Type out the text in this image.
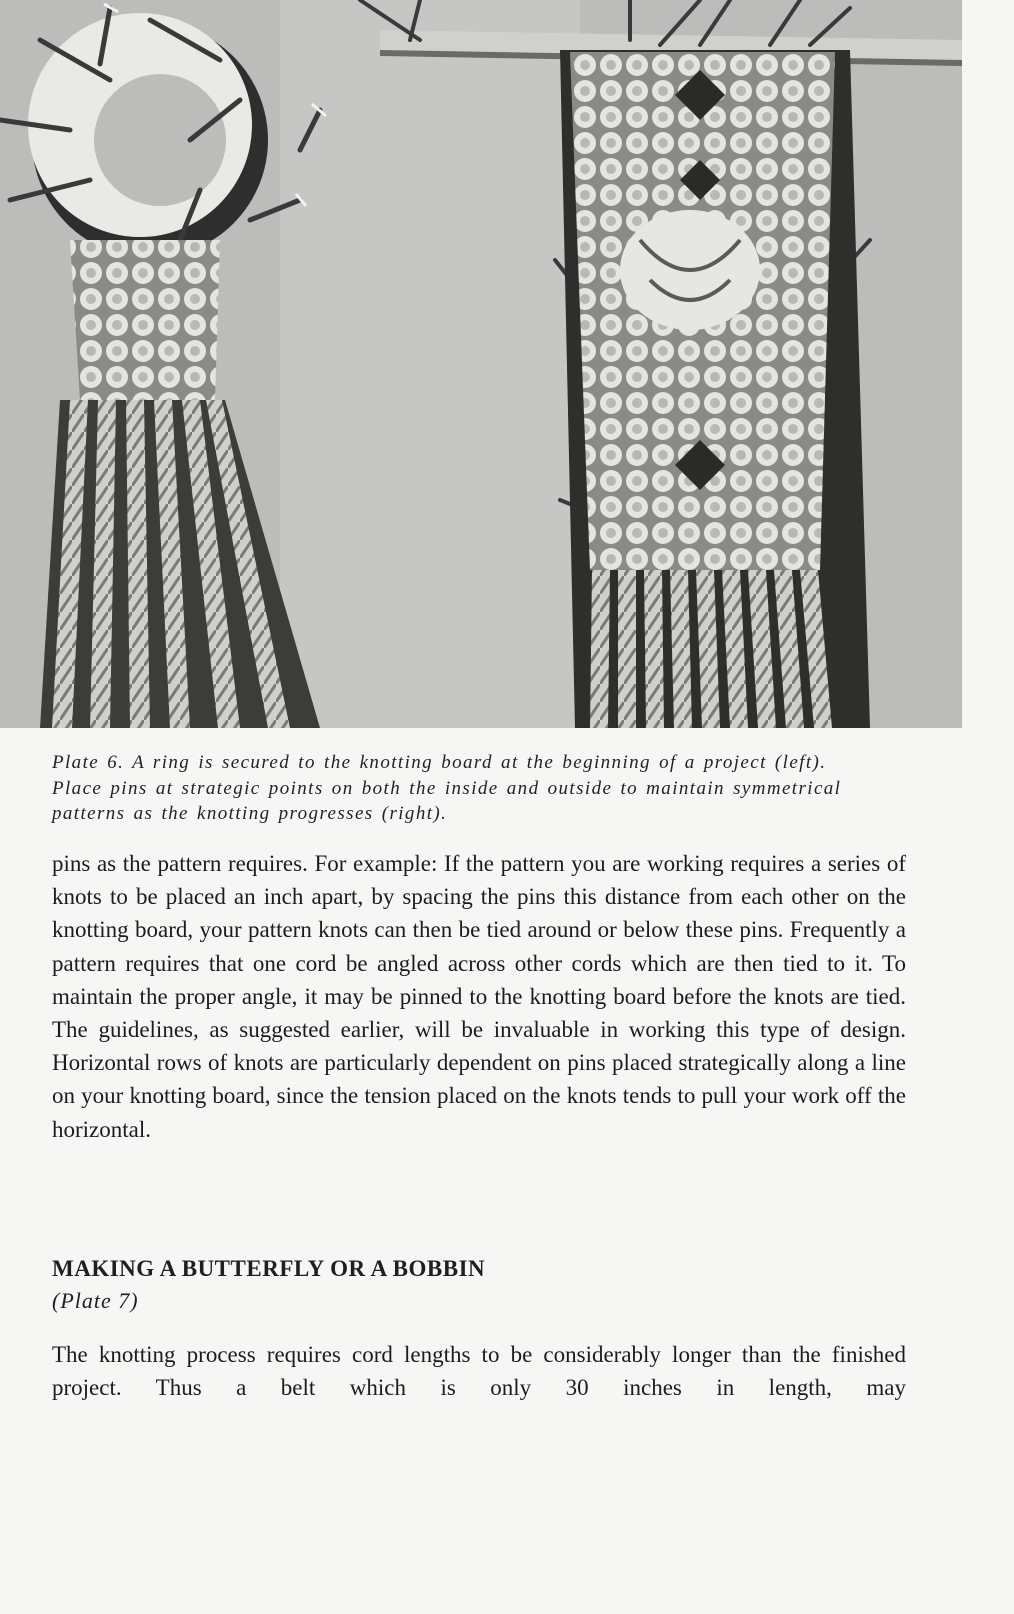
Plate 6. A ring is secured to the knotting board at the beginning of a project (left). Place pins at strategic points on both the inside and outside to maintain symmetrical patterns as the knotting progresses (right).

pins as the pattern requires. For example: If the pattern you are working requires a series of knots to be placed an inch apart, by spacing the pins this distance from each other on the knotting board, your pattern knots can then be tied around or below these pins. Frequently a pattern requires that one cord be angled across other cords which are then tied to it. To maintain the proper angle, it may be pinned to the knotting board before the knots are tied. The guidelines, as suggested earlier, will be invaluable in working this type of design. Horizontal rows of knots are particularly dependent on pins placed strategically along a line on your knotting board, since the tension placed on the knots tends to pull your work off the horizontal.

MAKING A BUTTERFLY OR A BOBBIN

(Plate 7)

The knotting process requires cord lengths to be considerably longer than the finished project. Thus a belt which is only 30 inches in length, may
